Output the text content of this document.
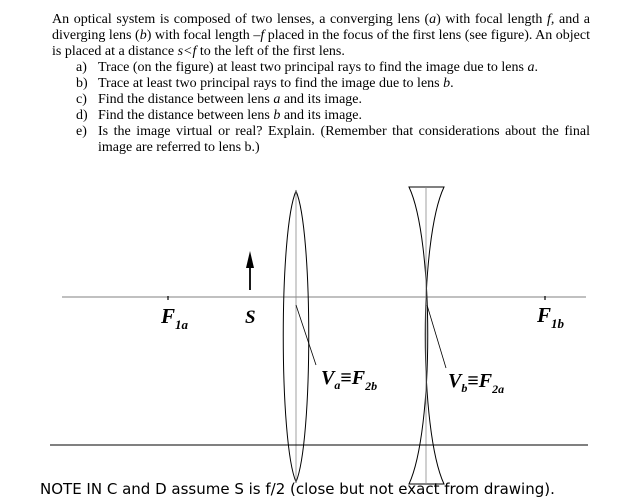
An optical system is composed of two lenses, a converging lens (a) with focal length f, and a diverging lens (b) with focal length –f placed in the focus of the first lens (see figure). An object is placed at a distance s<f to the left of the first lens.

a) Trace (on the figure) at least two principal rays to find the image due to lens a.
b) Trace at least two principal rays to find the image due to lens b.
c) Find the distance between lens a and its image.
d) Find the distance between lens b and its image.
e) Is the image virtual or real? Explain. (Remember that considerations about the final image are referred to lens b.)
$F_{1a}$	S
$V_a\equiv F_{2b}$	$V_b\equiv F_{2a}$
$F_{1b}$
NOTE IN C and D assume S is f/2 (close but not exact from drawing).
